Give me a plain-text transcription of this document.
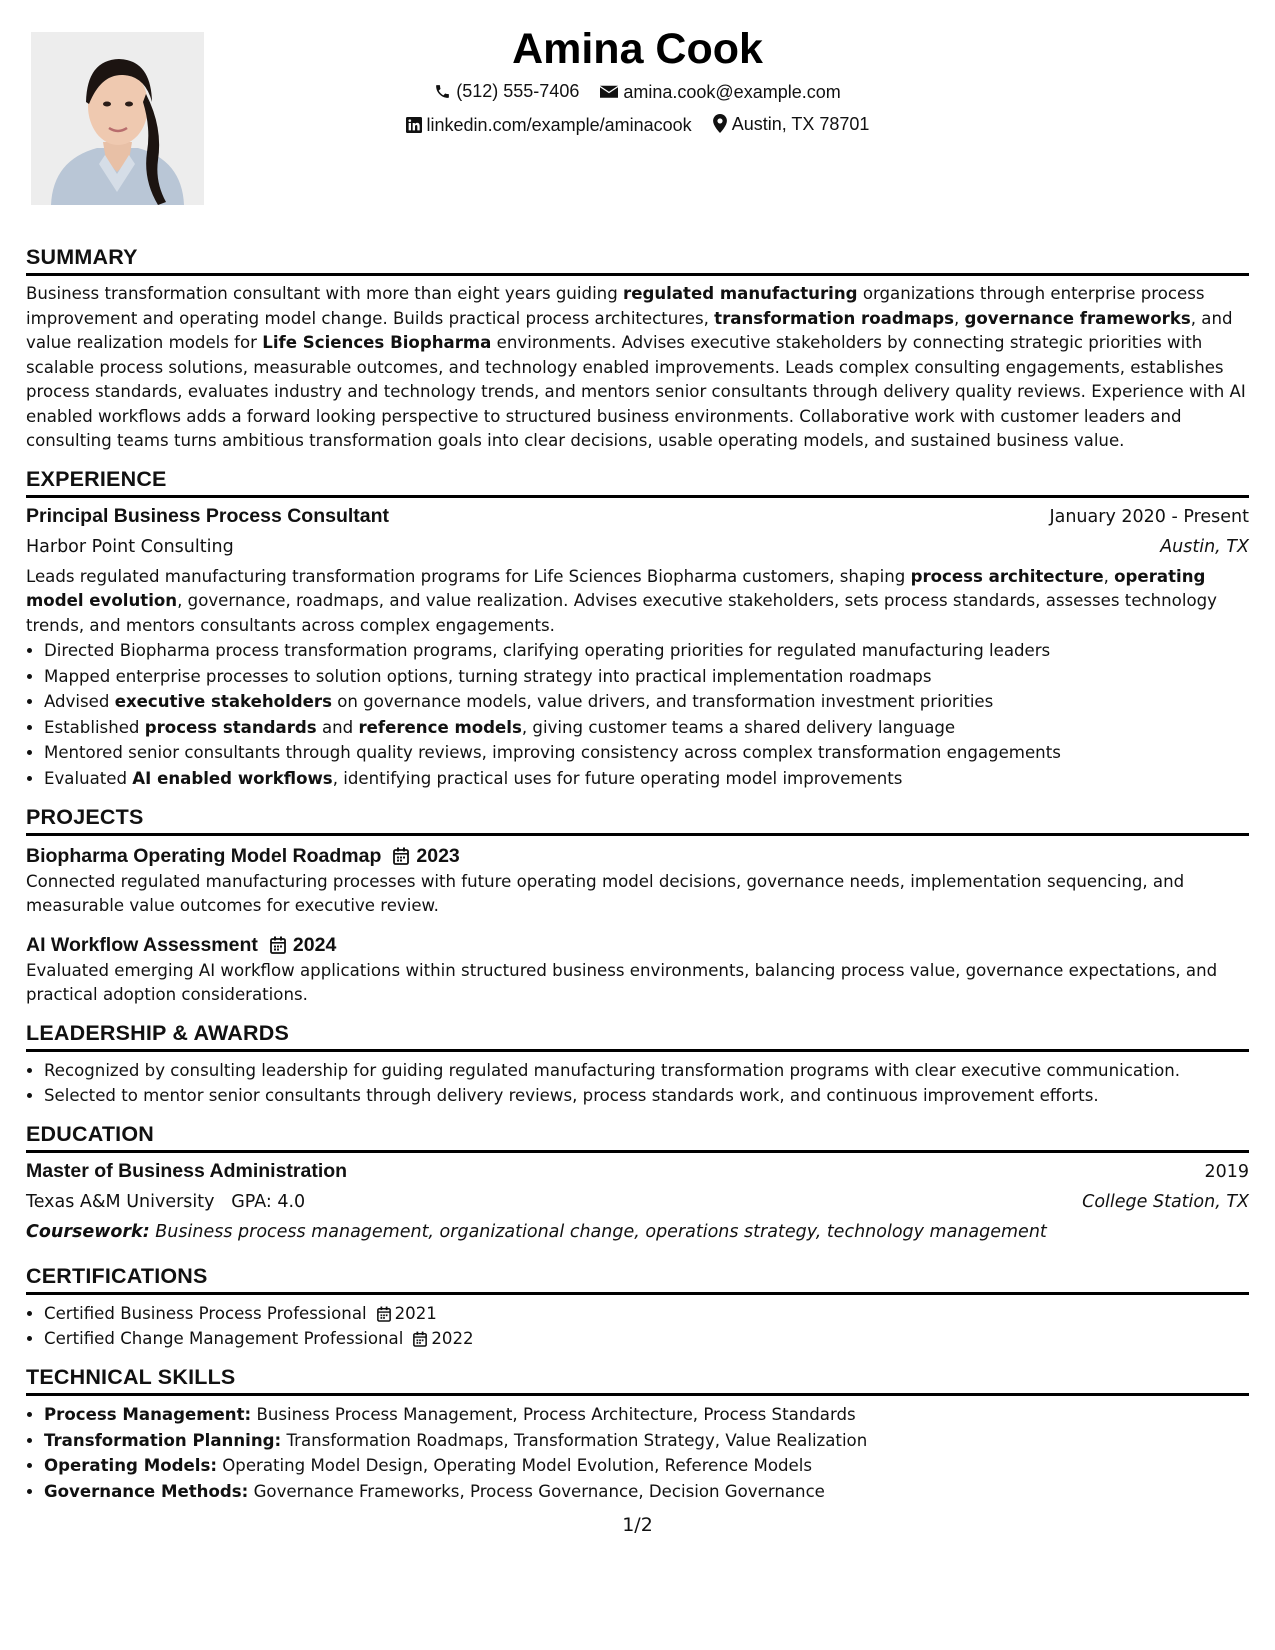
Amina Cook
(512) 555-7406
amina.cook@example.com
linkedin.com/example/aminacook
Austin, TX 78701
SUMMARY

Business transformation consultant with more than eight years guiding regulated manufacturing organizations through enterprise process improvement and operating model change. Builds practical process architectures, transformation roadmaps, governance frameworks, and value realization models for Life Sciences Biopharma environments. Advises executive stakeholders by connecting strategic priorities with scalable process solutions, measurable outcomes, and technology enabled improvements. Leads complex consulting engagements, establishes process standards, evaluates industry and technology trends, and mentors senior consultants through delivery quality reviews. Experience with AI enabled workflows adds a forward looking perspective to structured business environments. Collaborative work with customer leaders and consulting teams turns ambitious transformation goals into clear decisions, usable operating models, and sustained business value.

EXPERIENCE
Principal Business Process Consultant	January 2020 - Present
Harbor Point Consulting	Austin, TX

Leads regulated manufacturing transformation programs for Life Sciences Biopharma customers, shaping process architecture, operating model evolution, governance, roadmaps, and value realization. Advises executive stakeholders, sets process standards, assesses technology trends, and mentors consultants across complex engagements.

• Directed Biopharma process transformation programs, clarifying operating priorities for regulated manufacturing leaders
• Mapped enterprise processes to solution options, turning strategy into practical implementation roadmaps
• Advised executive stakeholders on governance models, value drivers, and transformation investment priorities
• Established process standards and reference models, giving customer teams a shared delivery language
• Mentored senior consultants through quality reviews, improving consistency across complex transformation engagements
• Evaluated AI enabled workflows, identifying practical uses for future operating model improvements
PROJECTS
Biopharma Operating Model Roadmap 2023

Connected regulated manufacturing processes with future operating model decisions, governance needs, implementation sequencing, and measurable value outcomes for executive review.

AI Workflow Assessment 2024

Evaluated emerging AI workflow applications within structured business environments, balancing process value, governance expectations, and practical adoption considerations.

LEADERSHIP & AWARDS
• Recognized by consulting leadership for guiding regulated manufacturing transformation programs with clear executive communication.
• Selected to mentor senior consultants through delivery reviews, process standards work, and continuous improvement efforts.
EDUCATION
Master of Business Administration	2019
Texas A&M University GPA: 4.0	College Station, TX
Coursework: Business process management, organizational change, operations strategy, technology management
CERTIFICATIONS
• Certified Business Process Professional 2021
• Certified Change Management Professional 2022
TECHNICAL SKILLS
• Process Management: Business Process Management, Process Architecture, Process Standards
• Transformation Planning: Transformation Roadmaps, Transformation Strategy, Value Realization
• Operating Models: Operating Model Design, Operating Model Evolution, Reference Models
• Governance Methods: Governance Frameworks, Process Governance, Decision Governance
1/2
